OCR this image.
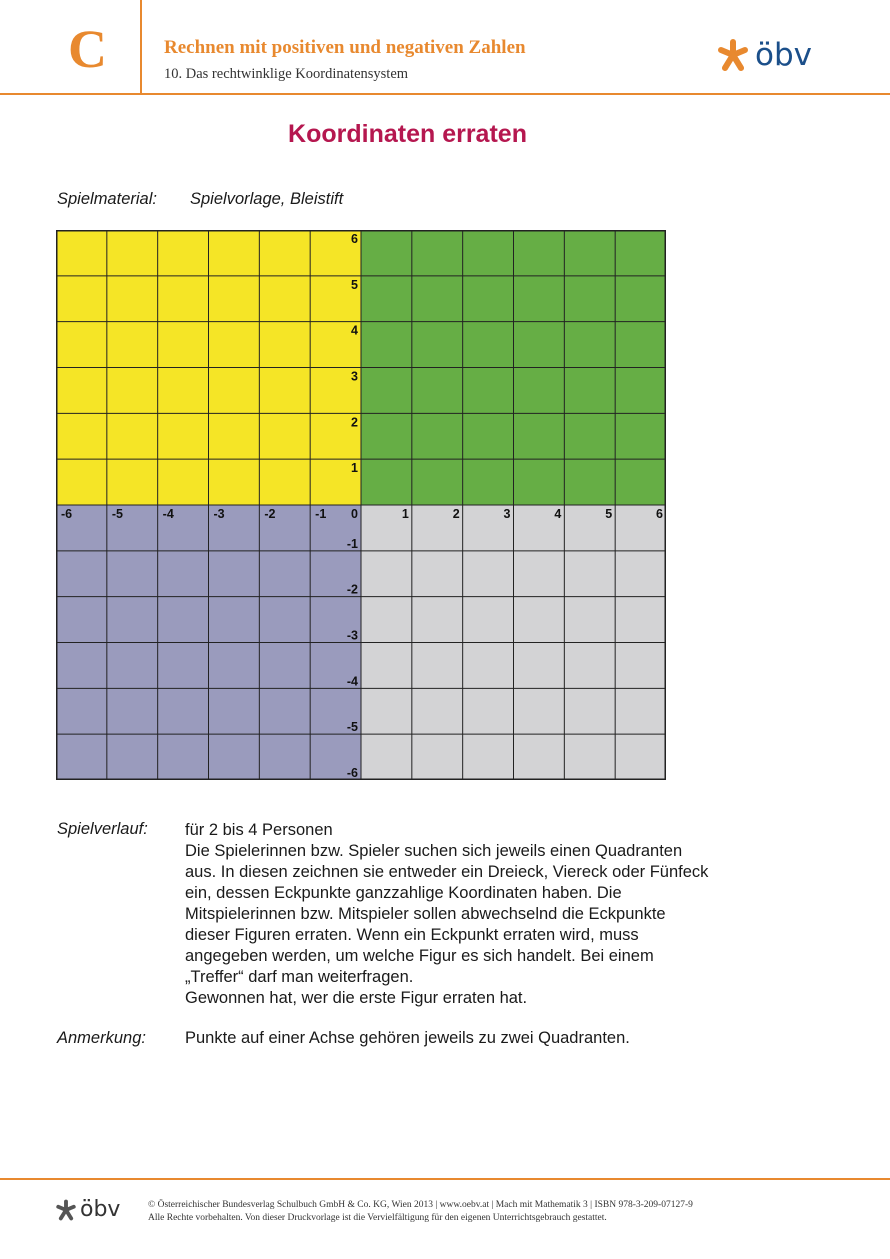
C	Rechnen mit positiven und negativen Zahlen
10. Das rechtwinklige Koordinatensystem
öbv
Koordinaten erraten
Spielmaterial: Spielvorlage, Bleistift
-6	-5	-4	-3	-2	-1 0	1	2	3	4	5	6
6
5
4
3
2
1
-1
-2
-3
-4
-5
-6
Spielverlauf: für 2 bis 4 Personen

Die Spielerinnen bzw. Spieler suchen sich jeweils einen Quadranten

aus. In diesen zeichnen sie entweder ein Dreieck, Viereck oder Fünfeck

ein, dessen Eckpunkte ganzzahlige Koordinaten haben. Die

Mitspielerinnen bzw. Mitspieler sollen abwechselnd die Eckpunkte

dieser Figuren erraten. Wenn ein Eckpunkt erraten wird, muss

angegeben werden, um welche Figur es sich handelt. Bei einem

„Treffer“ darf man weiterfragen.

Gewonnen hat, wer die erste Figur erraten hat.

Anmerkung: Punkte auf einer Achse gehören jeweils zu zwei Quadranten.
öbv	© Österreichischer Bundesverlag Schulbuch GmbH & Co. KG, Wien 2013 | www.oebv.at | Mach mit Mathematik 3 | ISBN 978-3-209-07127-9
Alle Rechte vorbehalten. Von dieser Druckvorlage ist die Vervielfältigung für den eigenen Unterrichtsgebrauch gestattet.
